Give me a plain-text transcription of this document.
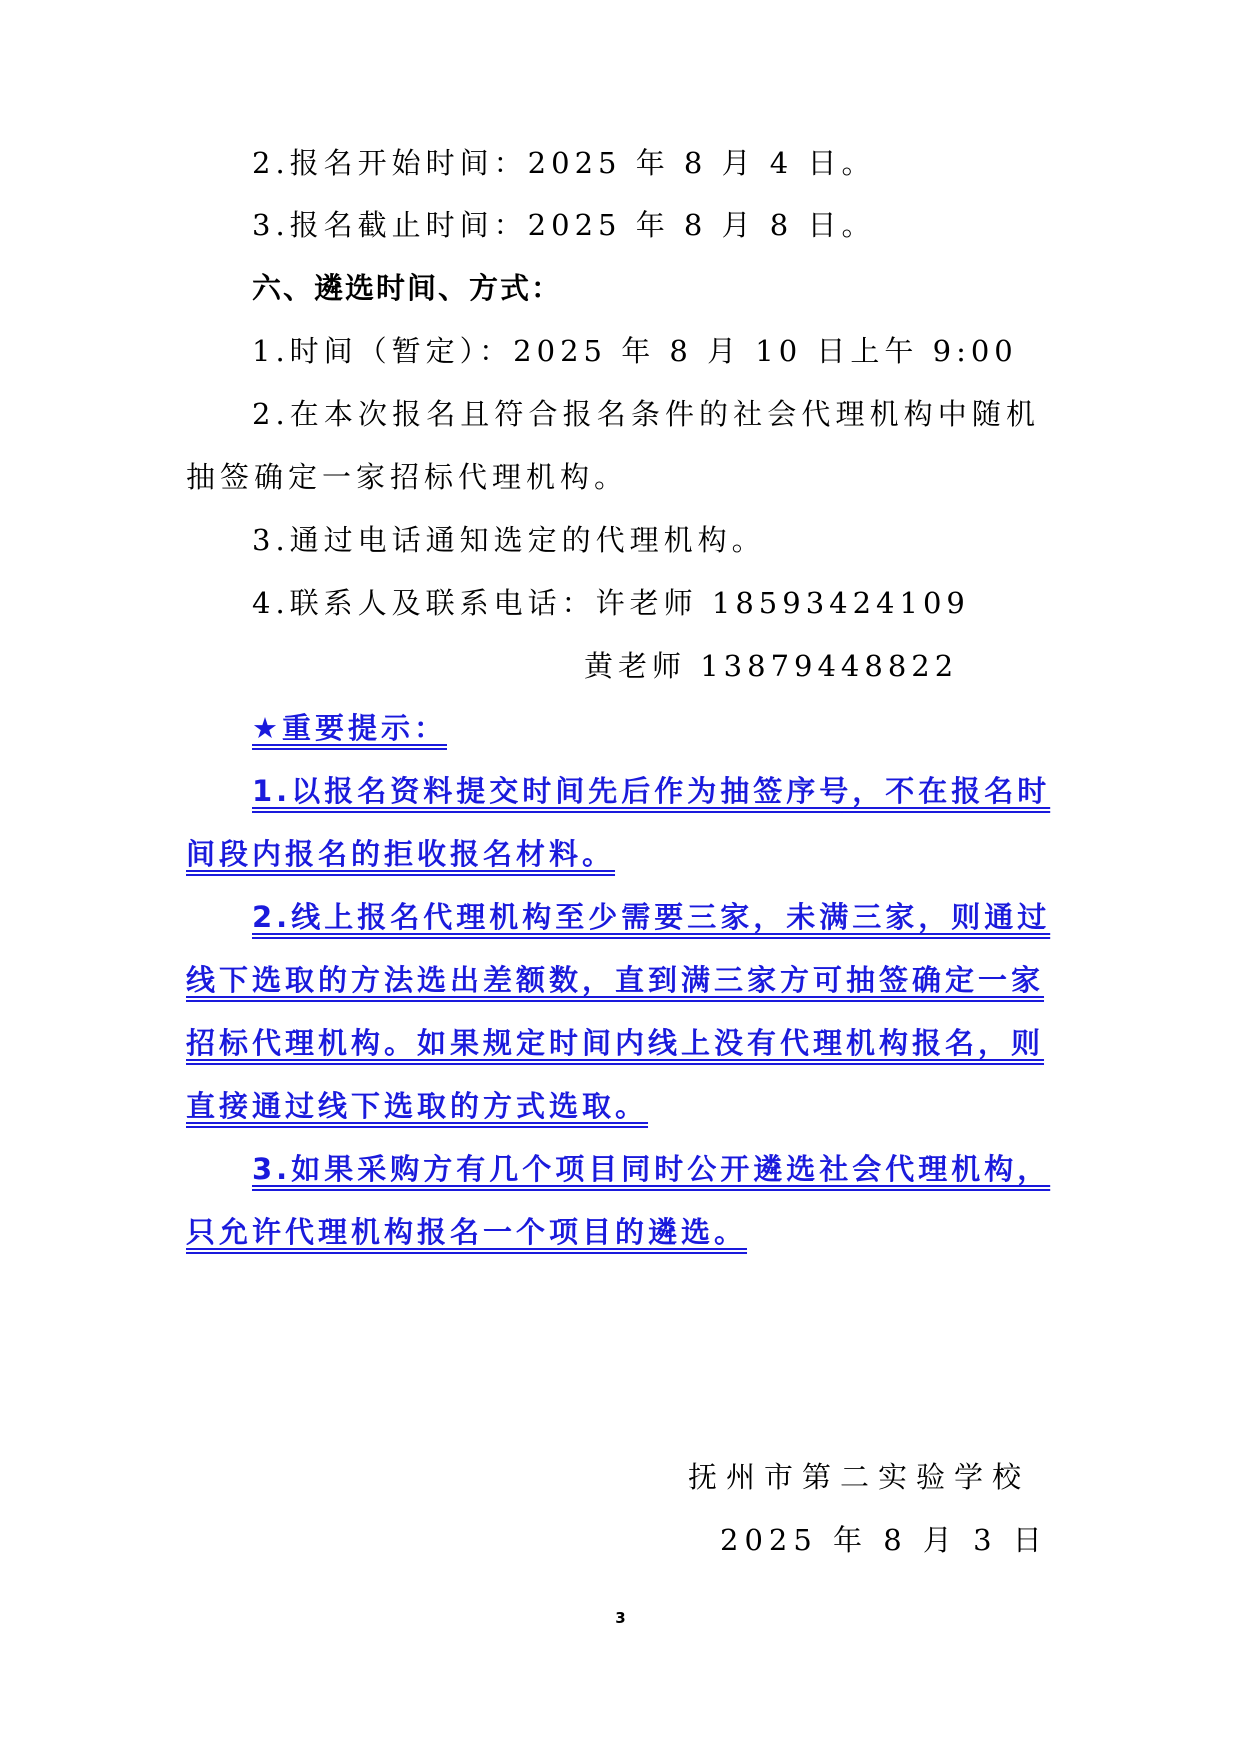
2.报名开始时间：2025 年 8 月 4 日。
3.报名截止时间：2025 年 8 月 8 日。
六、遴选时间、方式：
1.时间（暂定）：2025 年 8 月 10 日上午 9:00
2.在本次报名且符合报名条件的社会代理机构中随机
抽签确定一家招标代理机构。
3.通过电话通知选定的代理机构。
4.联系人及联系电话：许老师 18593424109
黄老师 13879448822
★重要提示：
1.以报名资料提交时间先后作为抽签序号，不在报名时
间段内报名的拒收报名材料。
2.线上报名代理机构至少需要三家，未满三家，则通过
线下选取的方法选出差额数，直到满三家方可抽签确定一家
招标代理机构。如果规定时间内线上没有代理机构报名，则
直接通过线下选取的方式选取。
3.如果采购方有几个项目同时公开遴选社会代理机构，
只允许代理机构报名一个项目的遴选。
抚州市第二实验学校
2025 年 8 月 3 日
3
